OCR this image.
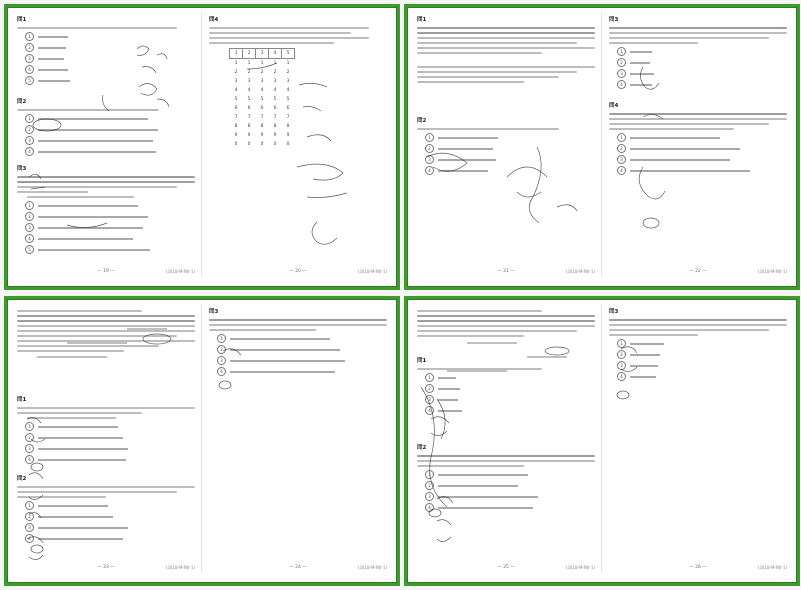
問1
1
2
3
4
5
問2
1
2
3
4
問3
1
2
3
4
5
— 19 —	(2018-M-N0-1)
問4
1	2	3	4	5
1	1	1	1	1
2	2	2	2	2
3	3	3	3	3
4	4	4	4	4
5	5	5	5	5
6	6	6	6	6
7	7	7	7	7
8	8	8	8	8
9	9	9	9	9
0	0	0	0	0
— 20 —	(2018-M-N0-1)
問1
問2
1
2
3
4
— 21 —	(2018-M-N0-1)
問3
1
2
3
4
問4
1
2
3
4
— 22 —	(2018-M-N0-1)
問1
1
2
3
4
問2
1
2
3
4
— 23 —	(2018-M-N0-1)
問3
1
2
3
4
— 24 —	(2018-M-N0-1)
問1
1
2
3
4
問2
1
2
3
4
— 25 —	(2018-M-N0-1)
問3
1
2
3
4
— 26 —	(2018-M-N0-1)
